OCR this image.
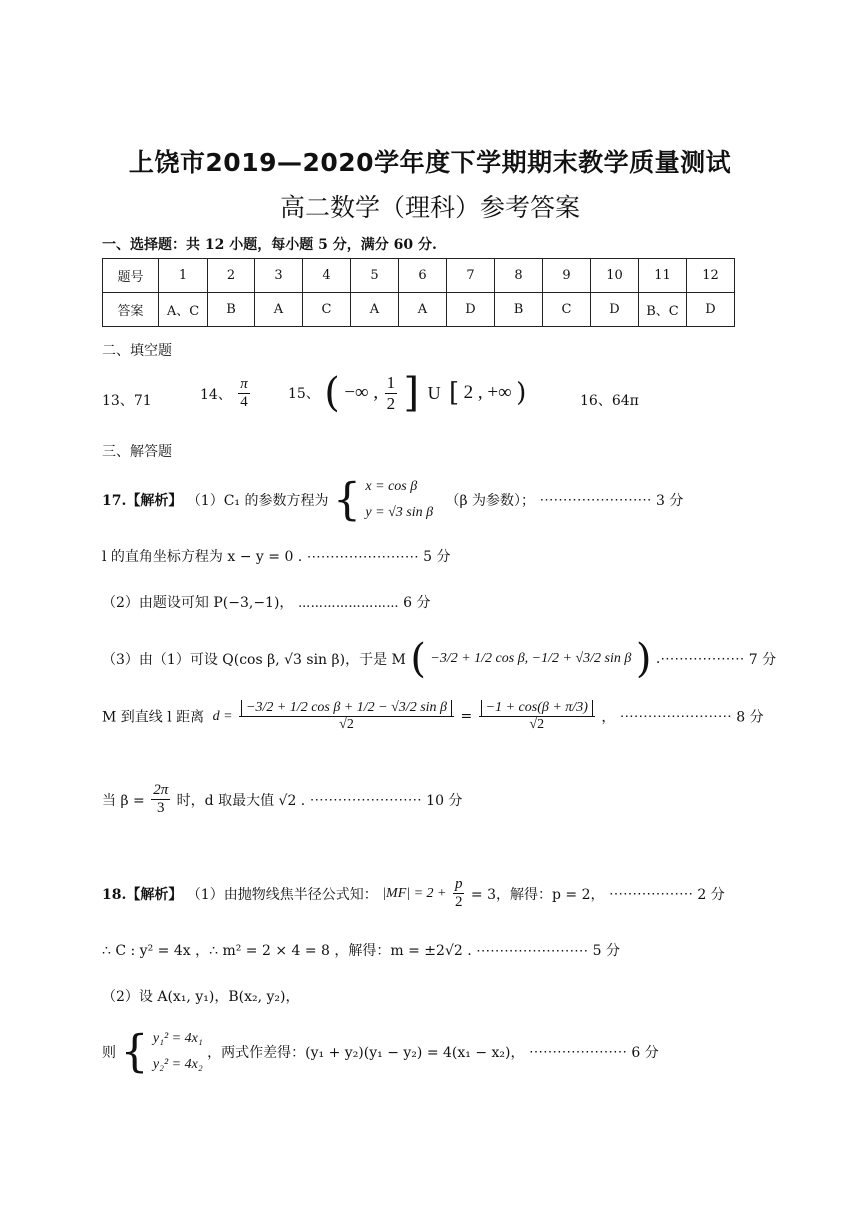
上饶市2019—2020学年度下学期期末教学质量测试
高二数学（理科）参考答案
一、选择题：共 12 小题，每小题 5 分，满分 60 分.
题号	1	2	3	4	5	6	7	8	9	10	11	12
答案	A、C	B	A	C	A	A	D	B	C	D	B、C	D
二、填空题
13、71	14、 $\frac{\pi}{4}$	15、 ( −∞ , $\frac{1}{2}$ ] U [ 2 , +∞ )	16、64π
三、解答题
17.【解析】 （1）C₁ 的参数方程为 { x = cos β
y = √3 sin β
（β 为参数）； ⋯⋯⋯⋯⋯⋯⋯⋯ 3 分
l 的直角坐标方程为 x − y = 0 . ⋯⋯⋯⋯⋯⋯⋯⋯ 5 分
（2）由题设可知 P(−3,−1)， ⋯⋯⋯⋯⋯⋯⋯⋯ 6 分
（3）由（1）可设 Q(cos β, √3 sin β)，于是 M ( −3/2 + 1/2 cos β, −1/2 + √3/2 sin β ) .⋯⋯⋯⋯⋯⋯ 7 分
M 到直线 l 距离 $d = \frac{\text{−3/2 + 1/2 cos β + 1/2 − √3/2 sin β}}{√2} = \frac{-1 + \cos(\beta + \pi/3)}{√2}$ ， ⋯⋯⋯⋯⋯⋯⋯⋯ 8 分
当 $\beta = \frac{2\pi}{3}$ 时，d 取最大值 √2 . ⋯⋯⋯⋯⋯⋯⋯⋯ 10 分
18.【解析】 （1）由抛物线焦半径公式知： $|MF| = 2 + \frac{p}{2} = 3$，解得：p = 2， ⋯⋯⋯⋯⋯⋯ 2 分
∴ C : y² = 4x ，∴ m² = 2 × 4 = 8 ，解得：m = ±2√2 . ⋯⋯⋯⋯⋯⋯⋯⋯ 5 分
（2）设 A(x₁, y₁)，B(x₂, y₂)，
则 { y₁² = 4x₁
y₂² = 4x₂
，两式作差得：(y₁ + y₂)(y₁ − y₂) = 4(x₁ − x₂)， ⋯⋯⋯⋯⋯⋯⋯ 6 分
